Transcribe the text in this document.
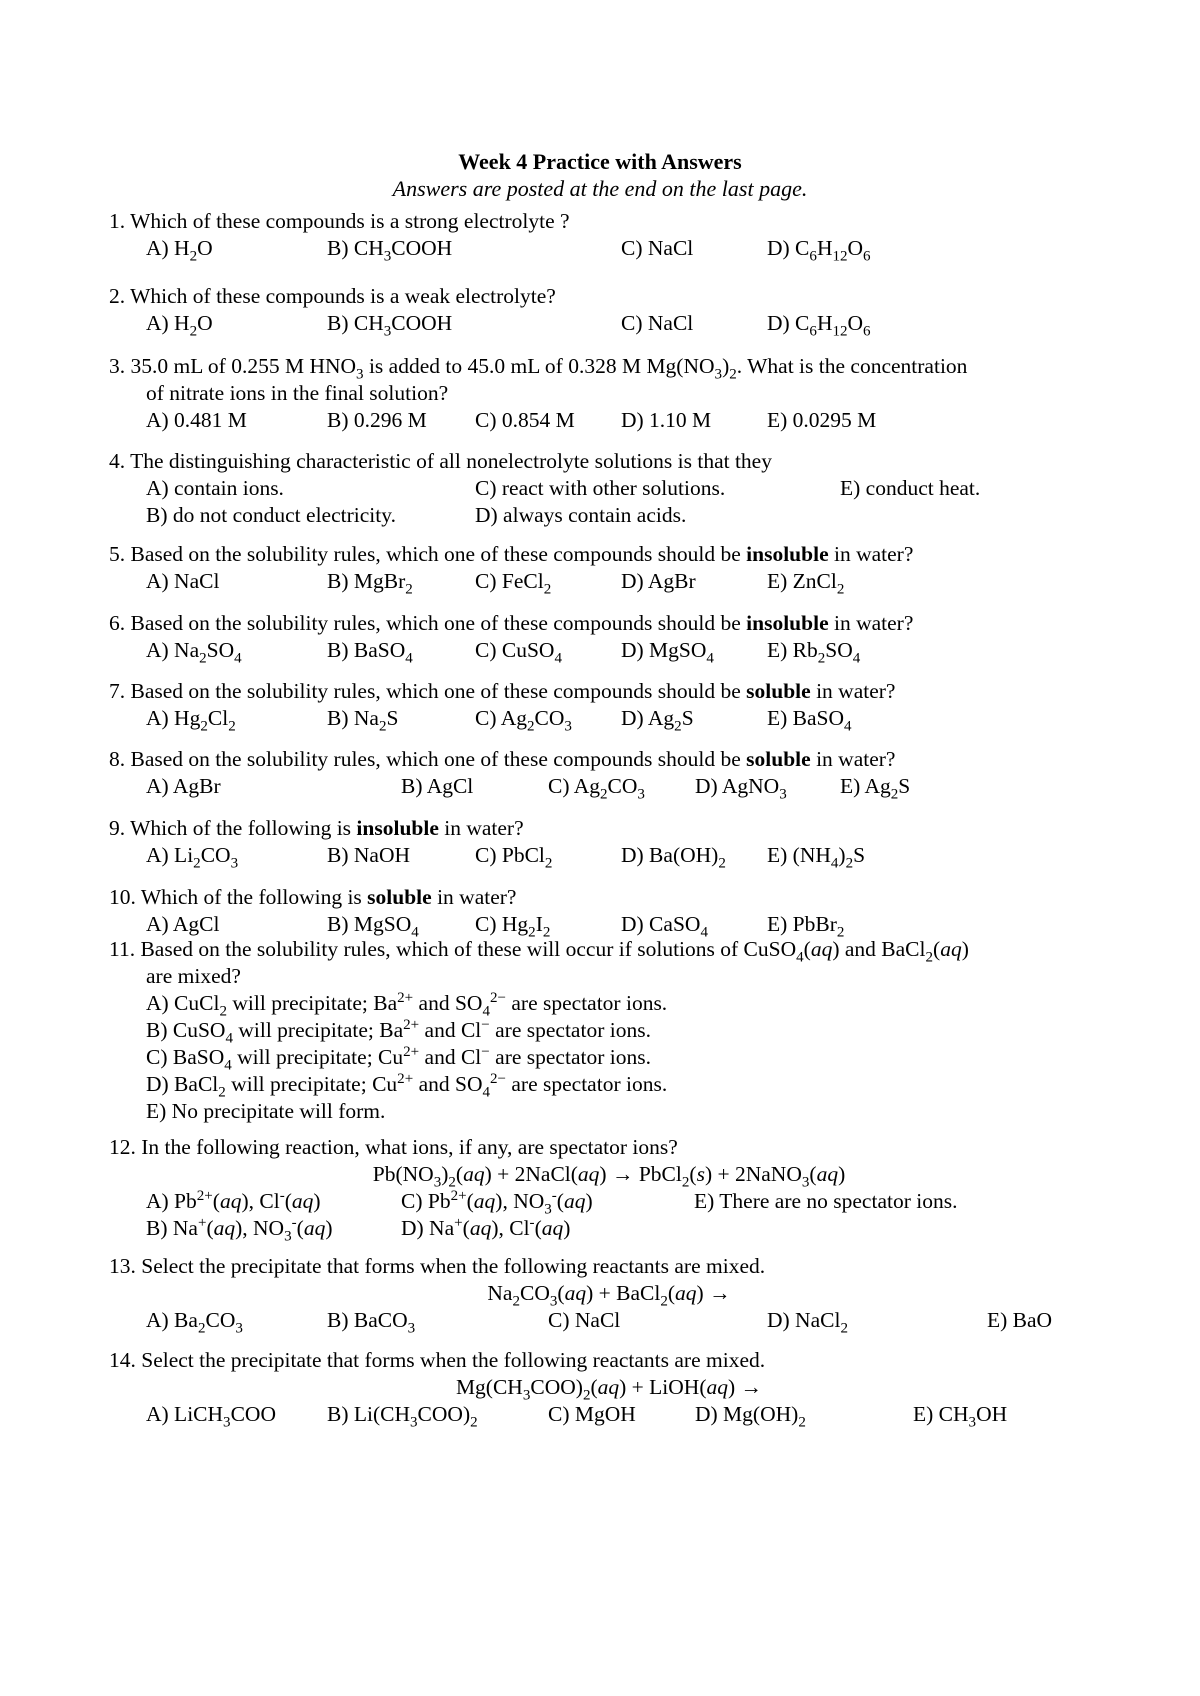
Week 4 Practice with Answers
Answers are posted at the end on the last page.
1. Which of these compounds is a strong electrolyte ?
A) $H_2O$	B) $CH_3COOH$	C) NaCl	D) $C_6H_{12}O_6$
2. Which of these compounds is a weak electrolyte?
A) $H_2O$	B) $CH_3COOH$	C) NaCl	D) $C_6H_{12}O_6$
3. 35.0 mL of 0.255 M $HNO_3$ is added to 45.0 mL of 0.328 M $Mg(NO_3)_2$. What is the concentration
of nitrate ions in the final solution?
A) 0.481 M	B) 0.296 M C) 0.854 M D) 1.10 M	E) 0.0295 M
4. The distinguishing characteristic of all nonelectrolyte solutions is that they
A) contain ions.	C) react with other solutions.	E) conduct heat.
B) do not conduct electricity.	D) always contain acids.
5. Based on the solubility rules, which one of these compounds should be insoluble in water?
A) NaCl	B) MgBr$_2$	C) FeCl$_2$	D) AgBr	E) ZnCl$_2$
6. Based on the solubility rules, which one of these compounds should be insoluble in water?
A) $Na_2SO_4$	B) BaSO$_4$	C) CuSO$_4$	D) MgSO$_4$ E) $Rb_2SO_4$
7. Based on the solubility rules, which one of these compounds should be soluble in water?
A) $Hg_2Cl_2$	B) $Na_2S$	C) $Ag_2CO_3$ D) $Ag_2S$	E) BaSO$_4$
8. Based on the solubility rules, which one of these compounds should be soluble in water?
A) AgBr	B) AgCl	C) $Ag_2CO_3$ D) AgNO$_3$ E) $Ag_2S$
9. Which of the following is insoluble in water?
A) $Li_2CO_3$	B) NaOH	C) PbCl$_2$	D) $Ba(OH)_2$ E) $(NH_4)_2S$
10. Which of the following is soluble in water?
A) AgCl	B) MgSO$_4$	C) $Hg_2I_2$	D) CaSO$_4$	E) PbBr$_2$
11. Based on the solubility rules, which of these will occur if solutions of CuSO$_4$(aq) and BaCl$_2$(aq)
are mixed?
A) CuCl$_2$ will precipitate; $Ba^{2+}$ and $SO_4^{2-}$ are spectator ions.
B) CuSO$_4$ will precipitate; $Ba^{2+}$ and Cl− are spectator ions.
C) BaSO$_4$ will precipitate; $Cu^{2+}$ and Cl− are spectator ions.
D) BaCl$_2$ will precipitate; $Cu^{2+}$ and $SO_4^{2-}$ are spectator ions.
E) No precipitate will form.
12. In the following reaction, what ions, if any, are spectator ions?
$Pb(NO_3)_2(aq)$ + 2NaCl(aq) → PbCl$_2$(s) + 2NaNO$_3$(aq)
A) $Pb^{2+}(aq)$, Cl-(aq)	C) $Pb^{2+}(aq)$, $NO_3^-(aq)$	E) There are no spectator ions.
B) Na+(aq), $NO_3^-(aq)$	D) Na+(aq), Cl-(aq)
13. Select the precipitate that forms when the following reactants are mixed.
$Na_2CO_3(aq)$ + BaCl$_2$(aq) →
A) $Ba_2CO_3$	B) BaCO$_3$	C) NaCl	D) NaCl$_2$	E) BaO
14. Select the precipitate that forms when the following reactants are mixed.
$Mg(CH_3COO)_2(aq)$ + LiOH(aq) →
A) LiCH$_3$COO B) $Li(CH_3COO)_2$	C) MgOH	D) $Mg(OH)_2$	E) $CH_3OH$
